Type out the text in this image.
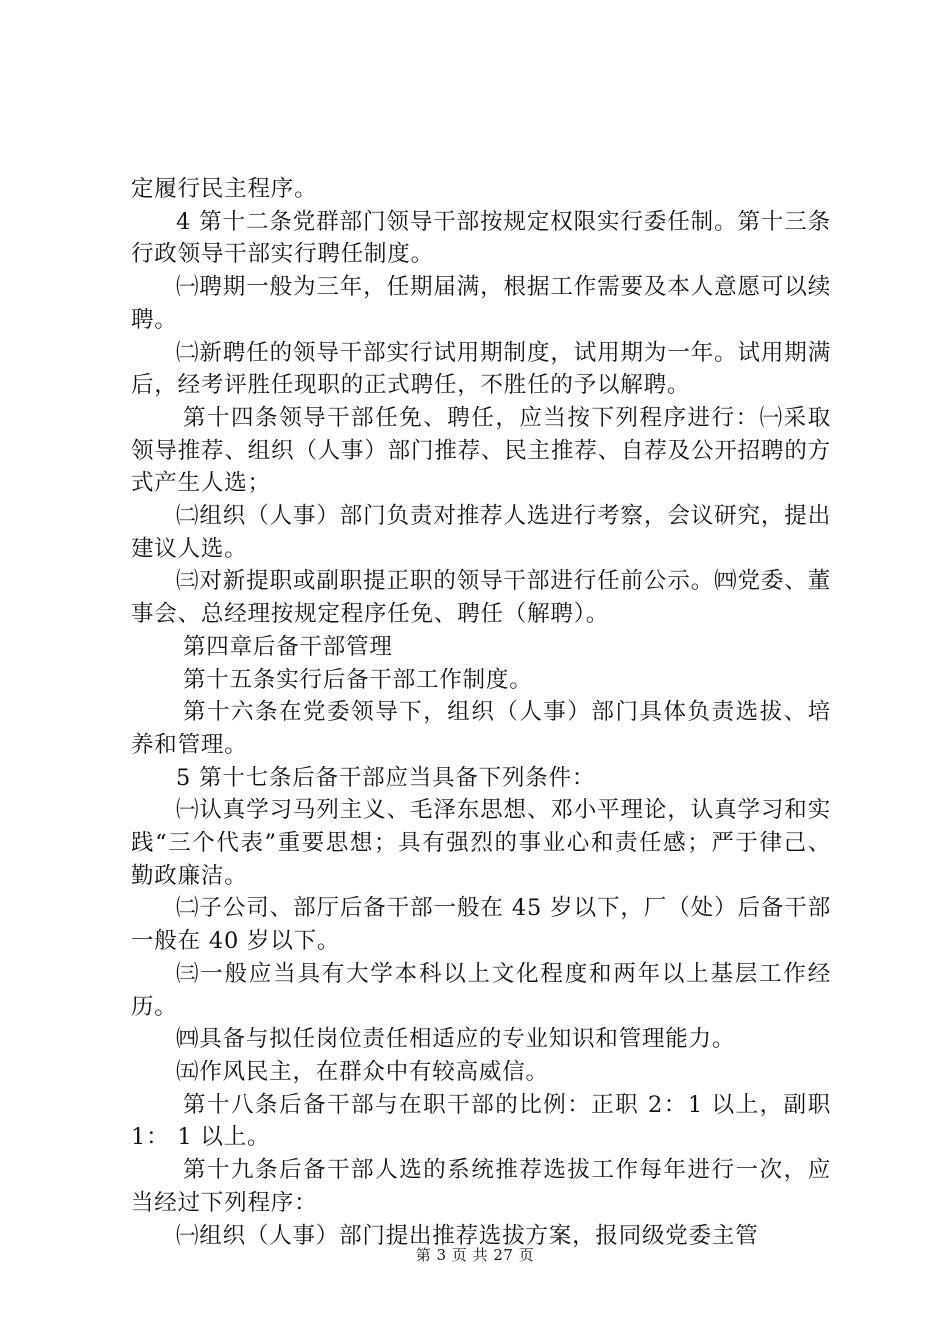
定履行民主程序。

4 第十二条党群部门领导干部按规定权限实行委任制。第十三条行政领导干部实行聘任制度。

㈠聘期一般为三年，任期届满，根据工作需要及本人意愿可以续聘。

㈡新聘任的领导干部实行试用期制度，试用期为一年。试用期满后，经考评胜任现职的正式聘任，不胜任的予以解聘。

第十四条领导干部任免、聘任，应当按下列程序进行：㈠采取领导推荐、组织（人事）部门推荐、民主推荐、自荐及公开招聘的方式产生人选；

㈡组织（人事）部门负责对推荐人选进行考察，会议研究，提出建议人选。

㈢对新提职或副职提正职的领导干部进行任前公示。㈣党委、董事会、总经理按规定程序任免、聘任（解聘）。

第四章后备干部管理

第十五条实行后备干部工作制度。

第十六条在党委领导下，组织（人事）部门具体负责选拔、培养和管理。

5 第十七条后备干部应当具备下列条件：

㈠认真学习马列主义、毛泽东思想、邓小平理论，认真学习和实践“三个代表”重要思想；具有强烈的事业心和责任感；严于律己、勤政廉洁。

㈡子公司、部厅后备干部一般在 45 岁以下，厂（处）后备干部一般在 40 岁以下。

㈢一般应当具有大学本科以上文化程度和两年以上基层工作经历。

㈣具备与拟任岗位责任相适应的专业知识和管理能力。

㈤作风民主，在群众中有较高威信。

第十八条后备干部与在职干部的比例：正职 2：1 以上，副职 1： 1 以上。

第十九条后备干部人选的系统推荐选拔工作每年进行一次，应当经过下列程序：

㈠组织（人事）部门提出推荐选拔方案，报同级党委主管

第 3 页 共 27 页
